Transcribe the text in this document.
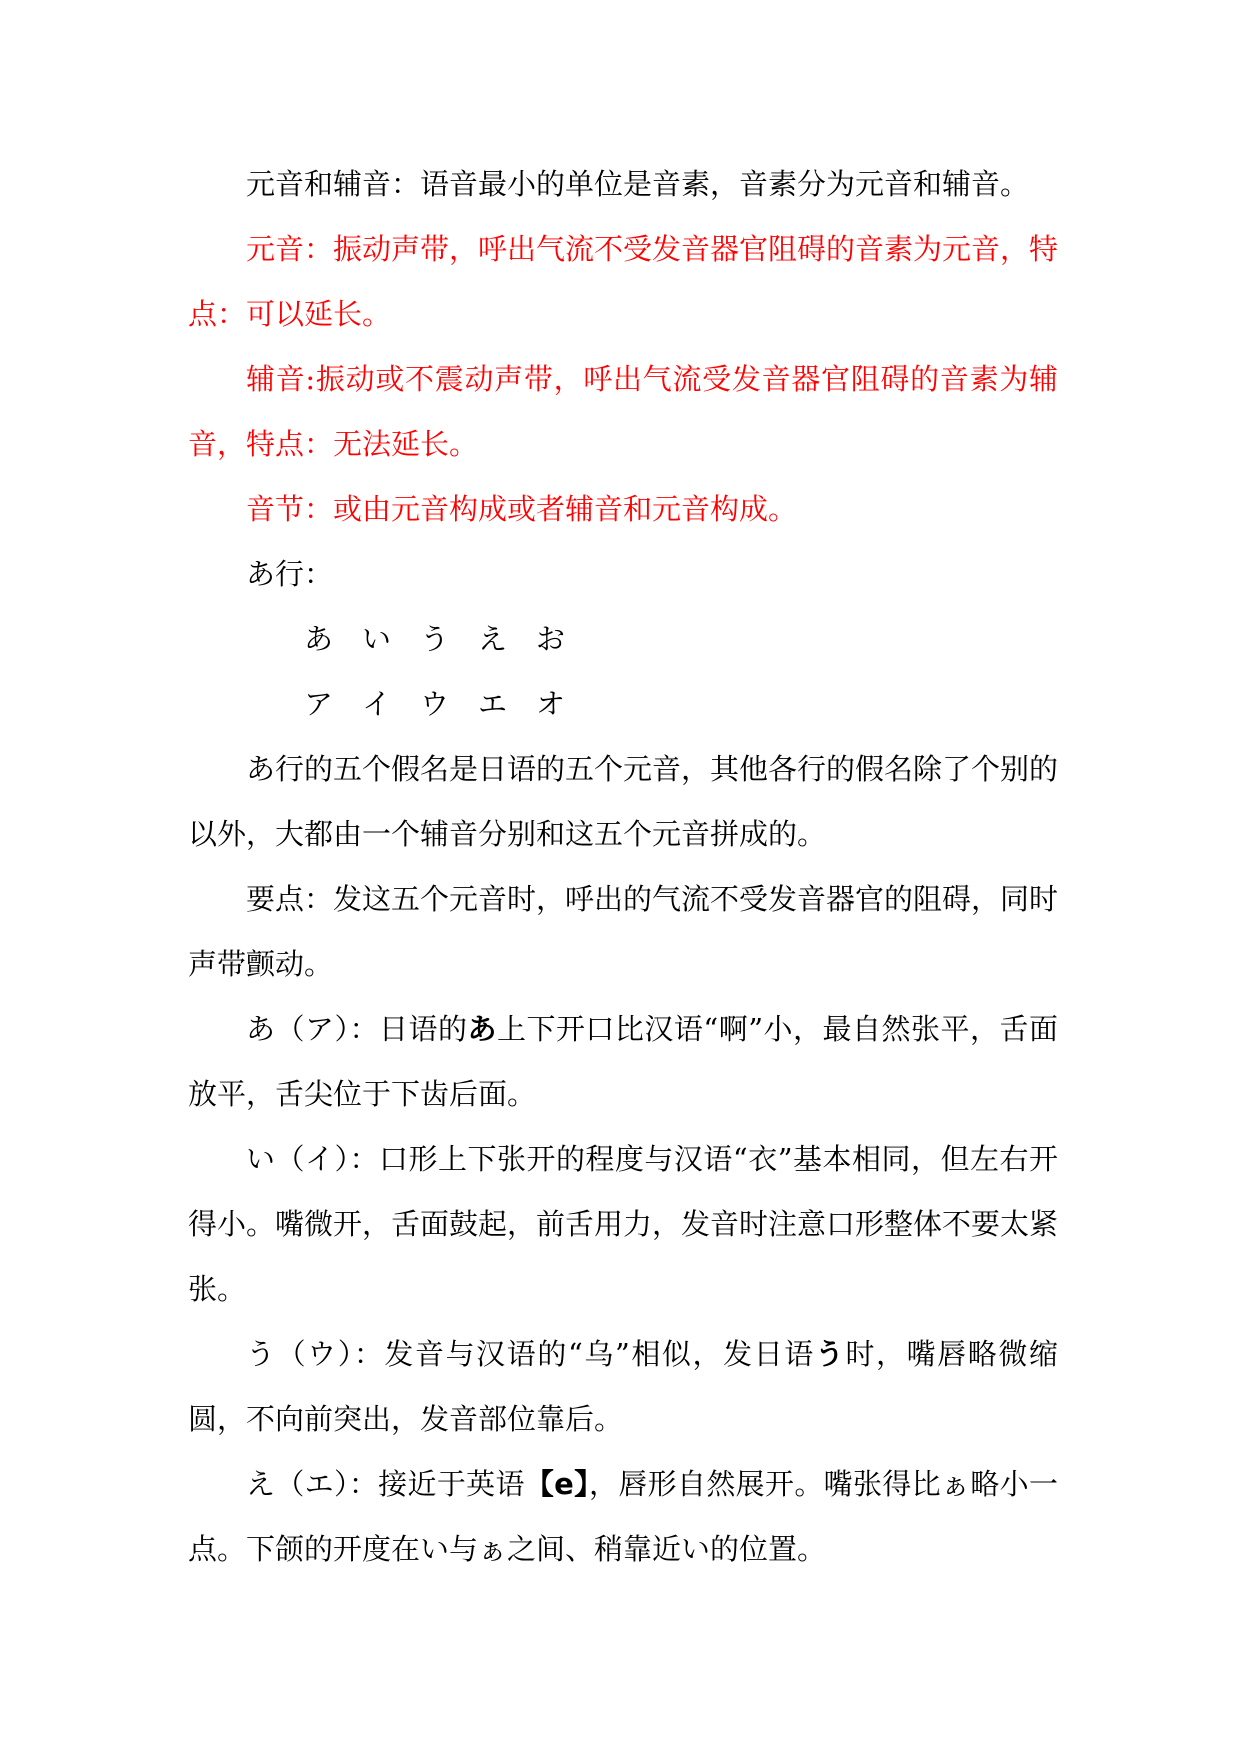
元音和辅音：语音最小的单位是音素，音素分为元音和辅音。

元音：振动声带，呼出气流不受发音器官阻碍的音素为元音，特点：可以延长。

辅音:振动或不震动声带，呼出气流受发音器官阻碍的音素为辅音，特点：无法延长。

音节：或由元音构成或者辅音和元音构成。

あ行：

あ い う え お

ア イ ウ エ オ

あ行的五个假名是日语的五个元音，其他各行的假名除了个别的以外，大都由一个辅音分别和这五个元音拼成的。

要点：发这五个元音时，呼出的气流不受发音器官的阻碍，同时声带颤动。

あ（ア）：日语的あ上下开口比汉语“啊”小，最自然张平，舌面放平，舌尖位于下齿后面。

い（イ）：口形上下张开的程度与汉语“衣”基本相同，但左右开得小。嘴微开，舌面鼓起，前舌用力，发音时注意口形整体不要太紧张。

う（ウ）：发音与汉语的“乌”相似，发日语う时，嘴唇略微缩圆，不向前突出，发音部位靠后。

え（エ）：接近于英语【e】，唇形自然展开。嘴张得比ぁ略小一点。下颌的开度在い与ぁ之间、稍靠近い的位置。
